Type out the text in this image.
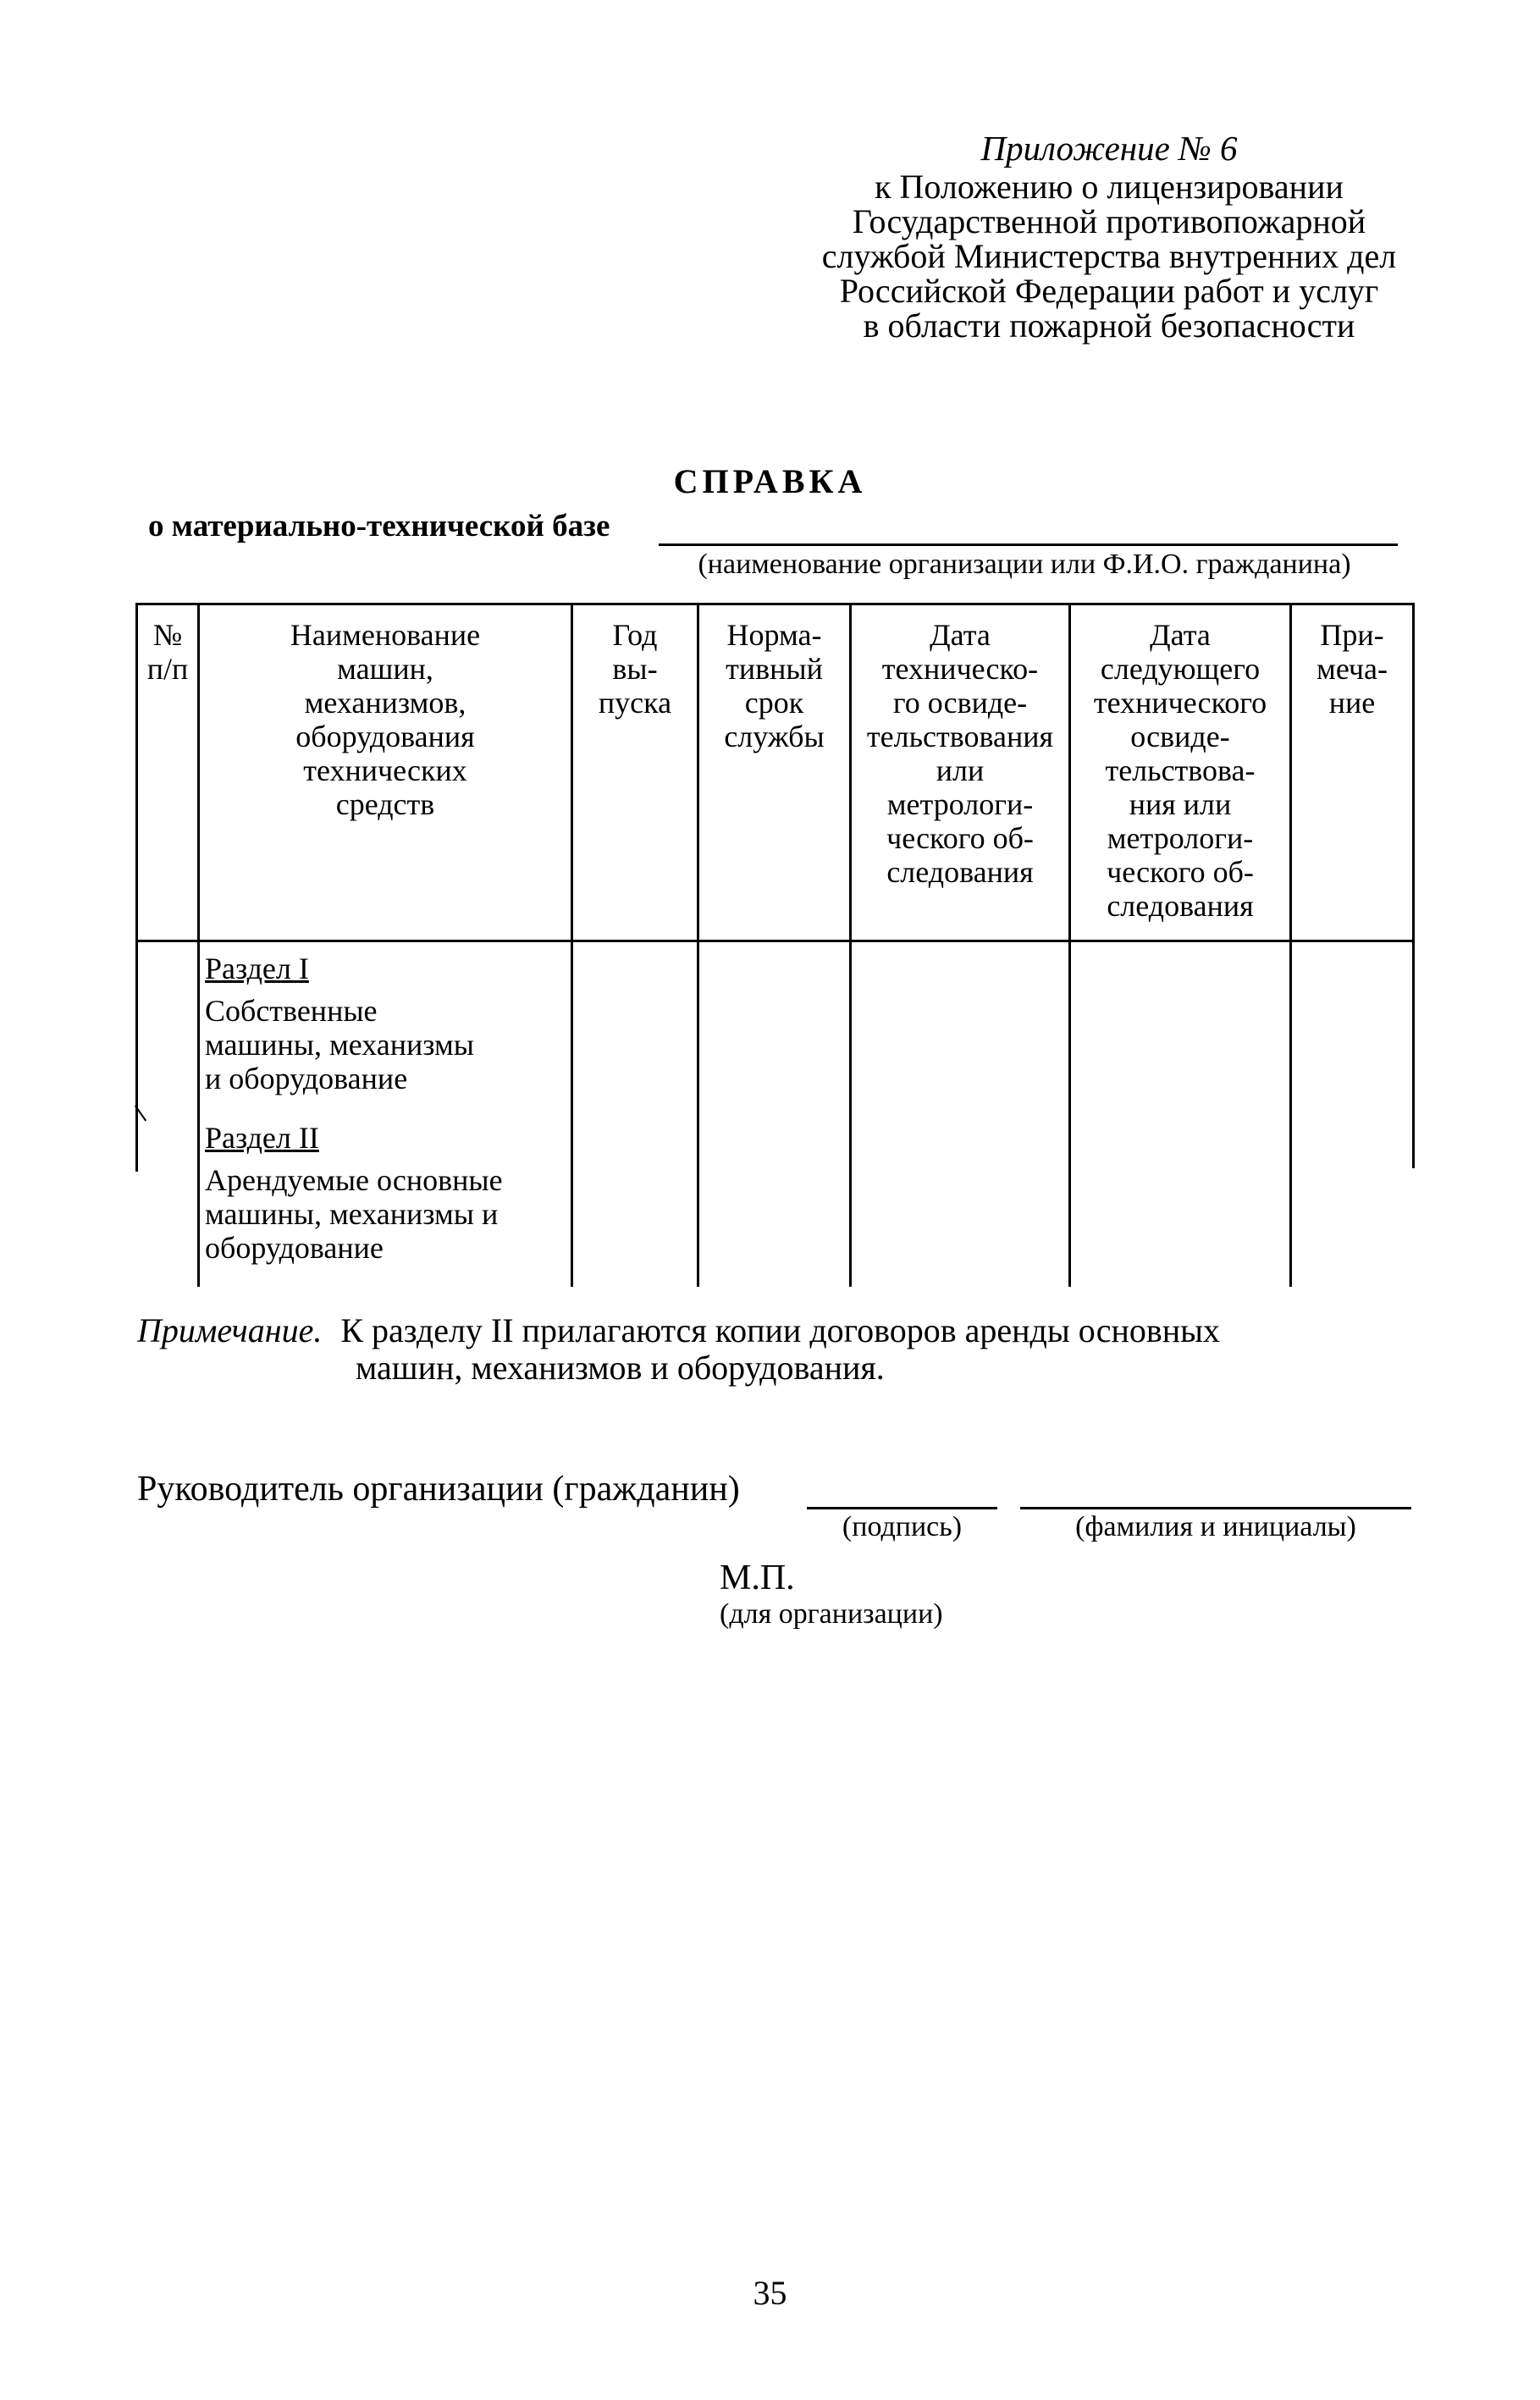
Приложение № 6
к Положению о лицензировании
Государственной противопожарной
службой Министерства внутренних дел
Российской Федерации работ и услуг
в области пожарной безопасности
СПРАВКА
о материально-технической базе
(наименование организации или Ф.И.О. гражданина)
№
п/п
Наименование
машин,
механизмов,
оборудования
технических
средств
Год
вы-
пуска
Норма-
тивный
срок
службы
Дата
техническо-
го освиде-
тельствования
или
метрологи-
ческого об-
следования
Дата
следующего
технического
освиде-
тельствова-
ния или
метрологи-
ческого об-
следования
При-
меча-
ние
Раздел I
Собственные
машины, механизмы
и оборудование
Раздел II
Арендуемые основные
машины, механизмы и
оборудование
Примечание. К разделу II прилагаются копии договоров аренды основных
машин, механизмов и оборудования.
Руководитель организации (гражданин)
(подпись)	(фамилия и инициалы)
М.П.
(для организации)
35
